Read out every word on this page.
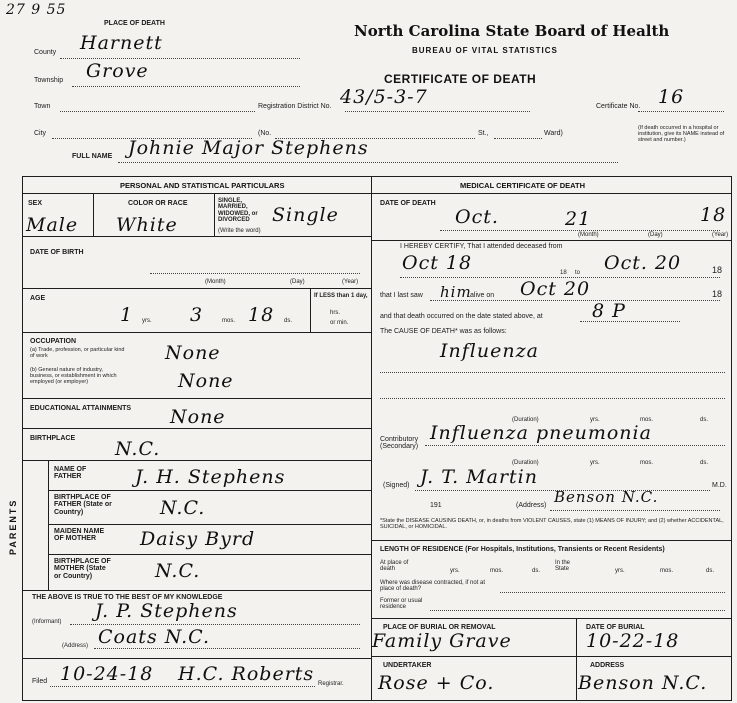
27 9 55
PLACE OF DEATH	North Carolina State Board of Health
BUREAU OF VITAL STATISTICS
CERTIFICATE OF DEATH
County Harnett
Township Grove
Town	Registration District No. 43/5-3-7	Certificate No. 16
City	(No.	St.,	Ward)
(If death occurred in a hospital or institution, give its NAME instead of street and number.)
FULL NAME Johnie Major Stephens
PERSONAL AND STATISTICAL PARTICULARS	MEDICAL CERTIFICATE OF DEATH
SEX
Male
COLOR OR RACE
White
SINGLE, MARRIED, WIDOWED, or DIVORCED
(Write the word)
Single
DATE OF BIRTH
(Month)	(Day)	(Year)
AGE
1 yrs. 3	mos. 18 ds.
If LESS than 1 day,
hrs.
or min.
OCCUPATION
(a) Trade, profession, or particular kind of work	None
(b) General nature of industry, business, or establishment in which employed (or employer)	None
EDUCATIONAL ATTAINMENTS None
BIRTHPLACE N.C.
PARENTS
NAME OF FATHER	J. H. Stephens
BIRTHPLACE OF FATHER (State or Country)	N.C.
MAIDEN NAME OF MOTHER	Daisy Byrd
BIRTHPLACE OF MOTHER (State or Country)	N.C.
THE ABOVE IS TRUE TO THE BEST OF MY KNOWLEDGE
J. P. Stephens
(Informant)
Coats N.C.
(Address)
Filed 10-24-18 H.C. Roberts Registrar.
DATE OF DEATH
Oct.	21	18
(Month)	(Day)	(Year)
I HEREBY CERTIFY, That I attended deceased from
Oct 18	18 to Oct. 20	18
that I last saw him
alive on Oct 20	18
and that death occurred on the date stated above, at	8 P
The CAUSE OF DEATH* was as follows:
Influenza
(Duration)	yrs.	mos.	ds.
Contributory (Secondary)
Influenza pneumonia
(Duration)	yrs.	mos.	ds.
(Signed) J. T. Martin	M.D.
191	(Address) Benson N.C.
*State the DISEASE CAUSING DEATH, or, in deaths from VIOLENT CAUSES, state (1) MEANS OF INJURY; and (2) whether ACCIDENTAL, SUICIDAL, or HOMICIDAL.
LENGTH OF RESIDENCE (For Hospitals, Institutions, Transients or Recent Residents)
At place of death	yrs.	mos.	ds.
In the State	yrs.	mos.	ds.
Where was disease contracted, if not at place of death?
Former or usual residence
PLACE OF BURIAL OR REMOVAL
Family Grave
DATE OF BURIAL
10-22-18
UNDERTAKER
Rose + Co.
ADDRESS
Benson N.C.
